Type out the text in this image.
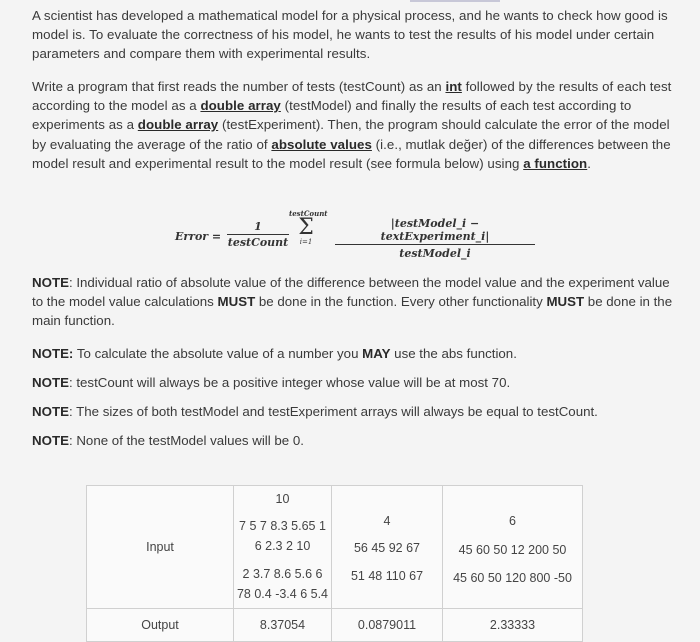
A scientist has developed a mathematical model for a physical process, and he wants to check how good is model is. To evaluate the correctness of his model, he wants to test the results of his model under certain parameters and compare them with experimental results.

Write a program that first reads the number of tests (testCount) as an int followed by the results of each test according to the model as a double array (testModel) and finally the results of each test according to experiments as a double array (testExperiment). Then, the program should calculate the error of the model by evaluating the average of the ratio of absolute values (i.e., mutlak değer) of the differences between the model result and experimental result to the model result (see formula below) using a function.

Error =
1
testCount
testCount
Σ
i=1
|testModel_i − textExperiment_i|
testModel_i

NOTE: Individual ratio of absolute value of the difference between the model value and the experiment value to the model value calculations MUST be done in the function. Every other functionality MUST be done in the main function.

NOTE: To calculate the absolute value of a number you MAY use the abs function.

NOTE: testCount will always be a positive integer whose value will be at most 70.

NOTE: The sizes of both testModel and testExperiment arrays will always be equal to testCount.

NOTE: None of the testModel values will be 0.

Input	10
7 5 7 8.3 5.65 1
6 2.3 2 10
2 3.7 8.6 5.6 6
78 0.4 -3.4 6 5.4	4
56 45 92 67
51 48 110 67	6
45 60 50 12 200 50
45 60 50 120 800 -50

Output	8.37054	0.0879011	2.33333
